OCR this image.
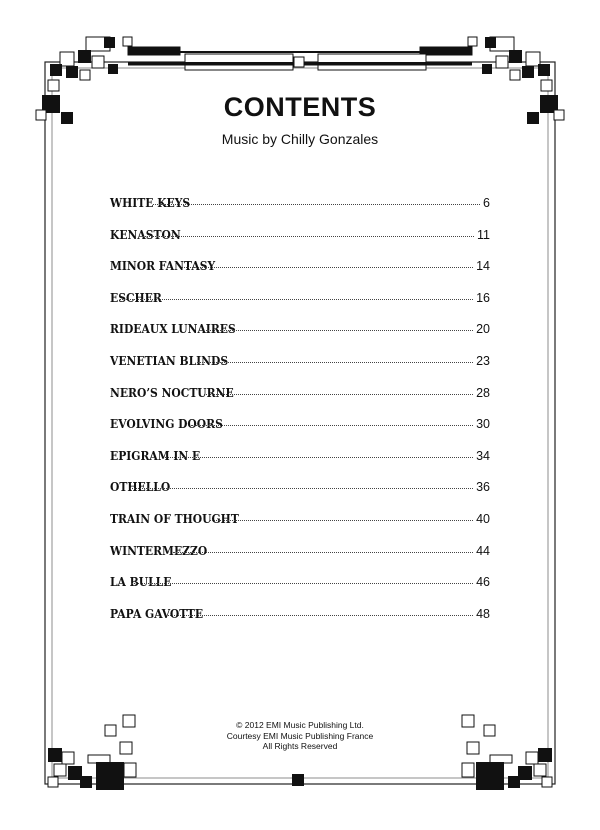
CONTENTS

Music by Chilly Gonzales

WHITE KEYS	6
KENASTON	11
MINOR FANTASY	14
ESCHER	16
RIDEAUX LUNAIRES	20
VENETIAN BLINDS	23
NERO’S NOCTURNE	28
EVOLVING DOORS	30
EPIGRAM IN E	34
OTHELLO	36
TRAIN OF THOUGHT	40
WINTERMEZZO	44
LA BULLE	46
PAPA GAVOTTE	48
© 2012 EMI Music Publishing Ltd.
Courtesy EMI Music Publishing France
All Rights Reserved
